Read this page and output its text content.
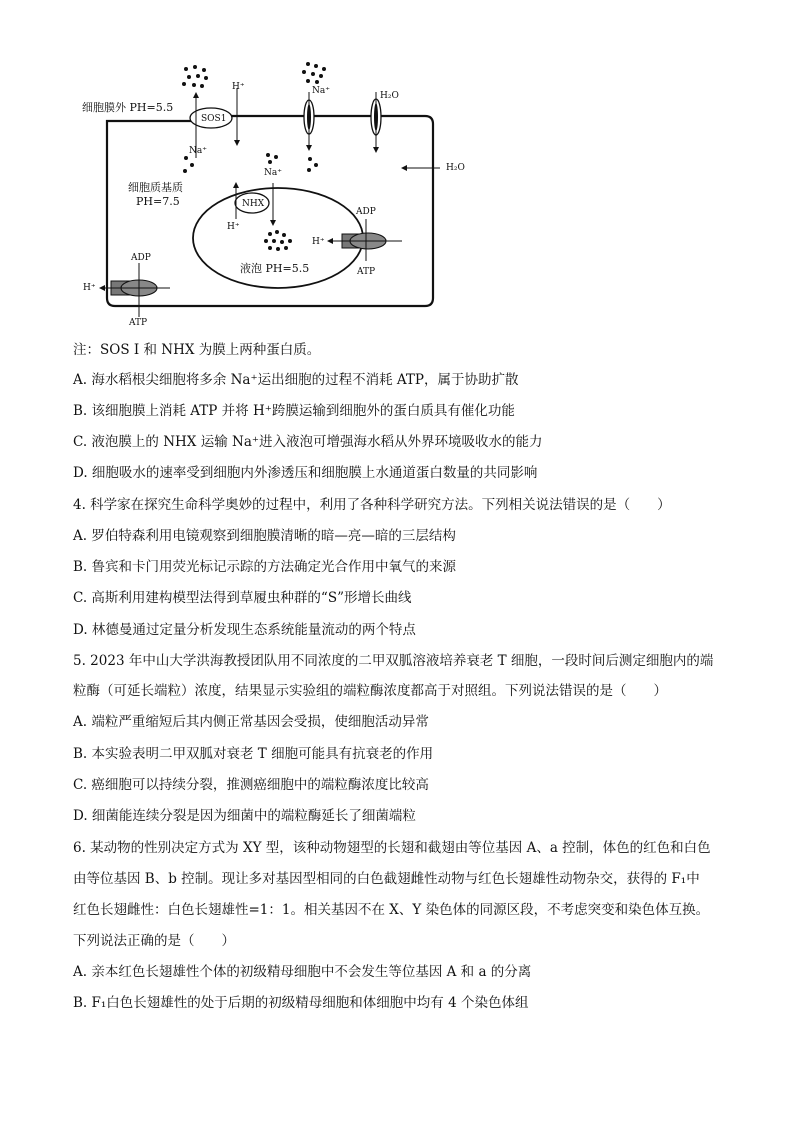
细胞膜外 PH=5.5
SOS1
H⁺
Na⁺
Na⁺	H₂O
H₂O
细胞质基质
PH=7.5
Na⁺
NHX
H⁺
液泡 PH=5.5
ADP
ATP
H⁺
ADP
ATP
H⁺
注：SOS I 和 NHX 为膜上两种蛋白质。
A. 海水稻根尖细胞将多余 Na⁺运出细胞的过程不消耗 ATP，属于协助扩散
B. 该细胞膜上消耗 ATP 并将 H⁺跨膜运输到细胞外的蛋白质具有催化功能
C. 液泡膜上的 NHX 运输 Na⁺进入液泡可增强海水稻从外界环境吸收水的能力
D. 细胞吸水的速率受到细胞内外渗透压和细胞膜上水通道蛋白数量的共同影响
4. 科学家在探究生命科学奥妙的过程中，利用了各种科学研究方法。下列相关说法错误的是（　　）
A. 罗伯特森利用电镜观察到细胞膜清晰的暗—亮—暗的三层结构
B. 鲁宾和卡门用荧光标记示踪的方法确定光合作用中氧气的来源
C. 高斯利用建构模型法得到草履虫种群的“S”形增长曲线
D. 林德曼通过定量分析发现生态系统能量流动的两个特点
5. 2023 年中山大学洪海教授团队用不同浓度的二甲双胍溶液培养衰老 T 细胞，一段时间后测定细胞内的端
粒酶（可延长端粒）浓度，结果显示实验组的端粒酶浓度都高于对照组。下列说法错误的是（　　）
A. 端粒严重缩短后其内侧正常基因会受损，使细胞活动异常
B. 本实验表明二甲双胍对衰老 T 细胞可能具有抗衰老的作用
C. 癌细胞可以持续分裂，推测癌细胞中的端粒酶浓度比较高
D. 细菌能连续分裂是因为细菌中的端粒酶延长了细菌端粒
6. 某动物的性别决定方式为 XY 型，该种动物翅型的长翅和截翅由等位基因 A、a 控制，体色的红色和白色
由等位基因 B、b 控制。现让多对基因型相同的白色截翅雌性动物与红色长翅雄性动物杂交，获得的 F₁中
红色长翅雌性：白色长翅雄性=1：1。相关基因不在 X、Y 染色体的同源区段，不考虑突变和染色体互换。
下列说法正确的是（　　）
A. 亲本红色长翅雄性个体的初级精母细胞中不会发生等位基因 A 和 a 的分离
B. F₁白色长翅雄性的处于后期的初级精母细胞和体细胞中均有 4 个染色体组
